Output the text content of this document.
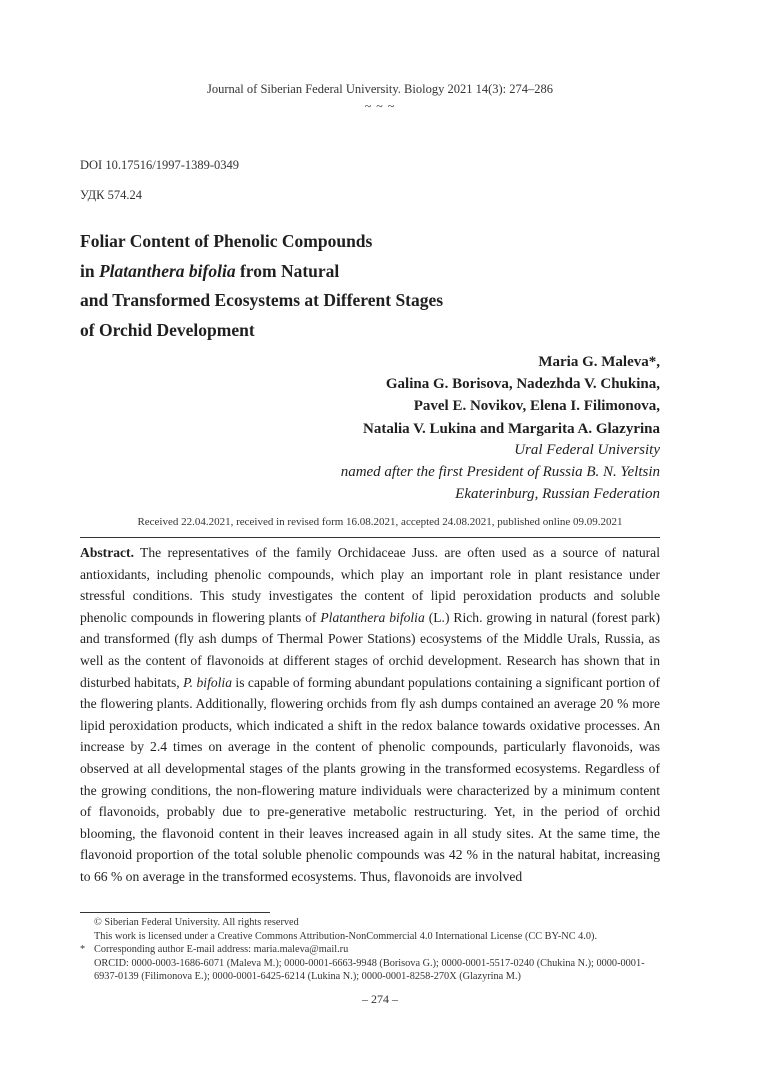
Journal of Siberian Federal University. Biology 2021 14(3): 274–286
~ ~ ~
DOI 10.17516/1997-1389-0349
УДК 574.24
Foliar Content of Phenolic Compounds
in Platanthera bifolia from Natural
and Transformed Ecosystems at Different Stages
of Orchid Development
Maria G. Maleva*,
Galina G. Borisova, Nadezhda V. Chukina,
Pavel E. Novikov, Elena I. Filimonova,
Natalia V. Lukina and Margarita A. Glazyrina
Ural Federal University
named after the first President of Russia B. N. Yeltsin
Ekaterinburg, Russian Federation
Received 22.04.2021, received in revised form 16.08.2021, accepted 24.08.2021, published online 09.09.2021
Abstract. The representatives of the family Orchidaceae Juss. are often used as a source of natural antioxidants, including phenolic compounds, which play an important role in plant resistance under stressful conditions. This study investigates the content of lipid peroxidation products and soluble phenolic compounds in flowering plants of Platanthera bifolia (L.) Rich. growing in natural (forest park) and transformed (fly ash dumps of Thermal Power Stations) ecosystems of the Middle Urals, Russia, as well as the content of flavonoids at different stages of orchid development. Research has shown that in disturbed habitats, P. bifolia is capable of forming abundant populations containing a significant portion of the flowering plants. Additionally, flowering orchids from fly ash dumps contained an average 20 % more lipid peroxidation products, which indicated a shift in the redox balance towards oxidative processes. An increase by 2.4 times on average in the content of phenolic compounds, particularly flavonoids, was observed at all developmental stages of the plants growing in the transformed ecosystems. Regardless of the growing conditions, the non-flowering mature individuals were characterized by a minimum content of flavonoids, probably due to pre-generative metabolic restructuring. Yet, in the period of orchid blooming, the flavonoid content in their leaves increased again in all study sites. At the same time, the flavonoid proportion of the total soluble phenolic compounds was 42 % in the natural habitat, increasing to 66 % on average in the transformed ecosystems. Thus, flavonoids are involved
© Siberian Federal University. All rights reserved
This work is licensed under a Creative Commons Attribution-NonCommercial 4.0 International License (CC BY-NC 4.0).
* Corresponding author E-mail address: maria.maleva@mail.ru
ORCID: 0000-0003-1686-6071 (Maleva M.); 0000-0001-6663-9948 (Borisova G.); 0000-0001-5517-0240 (Chukina N.); 0000-0001-6937-0139 (Filimonova E.); 0000-0001-6425-6214 (Lukina N.); 0000-0001-8258-270X (Glazyrina M.)
– 274 –
